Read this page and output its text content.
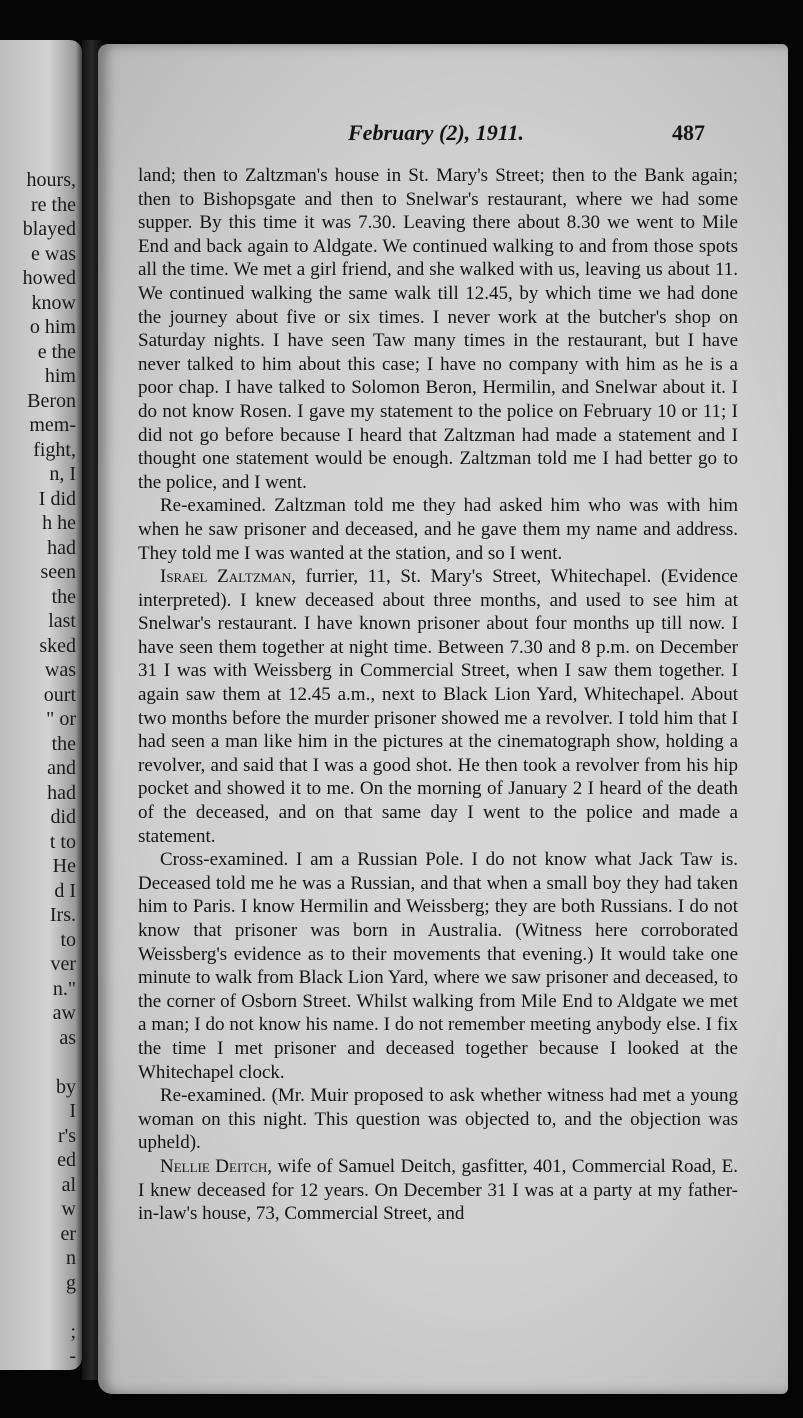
hours,
re the
blayed
e was
howed
know
o him
e the
him
Beron
mem-
fight,
n, I
I did
h he
had
seen
the
last
sked
was
ourt
" or
the
and
had
did
t to
He
d I
Irs.
to
ver
n."
aw
as

by
I
r's
ed
al
w
er
n
g

;
-
February (2), 1911.	487

land; then to Zaltzman's house in St. Mary's Street; then to the Bank again; then to Bishopsgate and then to Snelwar's restaurant, where we had some supper. By this time it was 7.30. Leaving there about 8.30 we went to Mile End and back again to Aldgate. We continued walking to and from those spots all the time. We met a girl friend, and she walked with us, leaving us about 11. We continued walking the same walk till 12.45, by which time we had done the journey about five or six times. I never work at the butcher's shop on Saturday nights. I have seen Taw many times in the restaurant, but I have never talked to him about this case; I have no company with him as he is a poor chap. I have talked to Solomon Beron, Hermilin, and Snelwar about it. I do not know Rosen. I gave my statement to the police on February 10 or 11; I did not go before because I heard that Zaltzman had made a statement and I thought one statement would be enough. Zaltzman told me I had better go to the police, and I went.

Re-examined. Zaltzman told me they had asked him who was with him when he saw prisoner and deceased, and he gave them my name and address. They told me I was wanted at the station, and so I went.

Israel Zaltzman, furrier, 11, St. Mary's Street, Whitechapel. (Evidence interpreted). I knew deceased about three months, and used to see him at Snelwar's restaurant. I have known prisoner about four months up till now. I have seen them together at night time. Between 7.30 and 8 p.m. on December 31 I was with Weissberg in Commercial Street, when I saw them together. I again saw them at 12.45 a.m., next to Black Lion Yard, Whitechapel. About two months before the murder prisoner showed me a revolver. I told him that I had seen a man like him in the pictures at the cinematograph show, holding a revolver, and said that I was a good shot. He then took a revolver from his hip pocket and showed it to me. On the morning of January 2 I heard of the death of the deceased, and on that same day I went to the police and made a statement.

Cross-examined. I am a Russian Pole. I do not know what Jack Taw is. Deceased told me he was a Russian, and that when a small boy they had taken him to Paris. I know Hermilin and Weissberg; they are both Russians. I do not know that prisoner was born in Australia. (Witness here corroborated Weissberg's evidence as to their movements that evening.) It would take one minute to walk from Black Lion Yard, where we saw prisoner and deceased, to the corner of Osborn Street. Whilst walking from Mile End to Aldgate we met a man; I do not know his name. I do not remember meeting anybody else. I fix the time I met prisoner and deceased together because I looked at the Whitechapel clock.

Re-examined. (Mr. Muir proposed to ask whether witness had met a young woman on this night. This question was objected to, and the objection was upheld).

Nellie Deitch, wife of Samuel Deitch, gasfitter, 401, Commercial Road, E. I knew deceased for 12 years. On December 31 I was at a party at my father-in-law's house, 73, Commercial Street, and
